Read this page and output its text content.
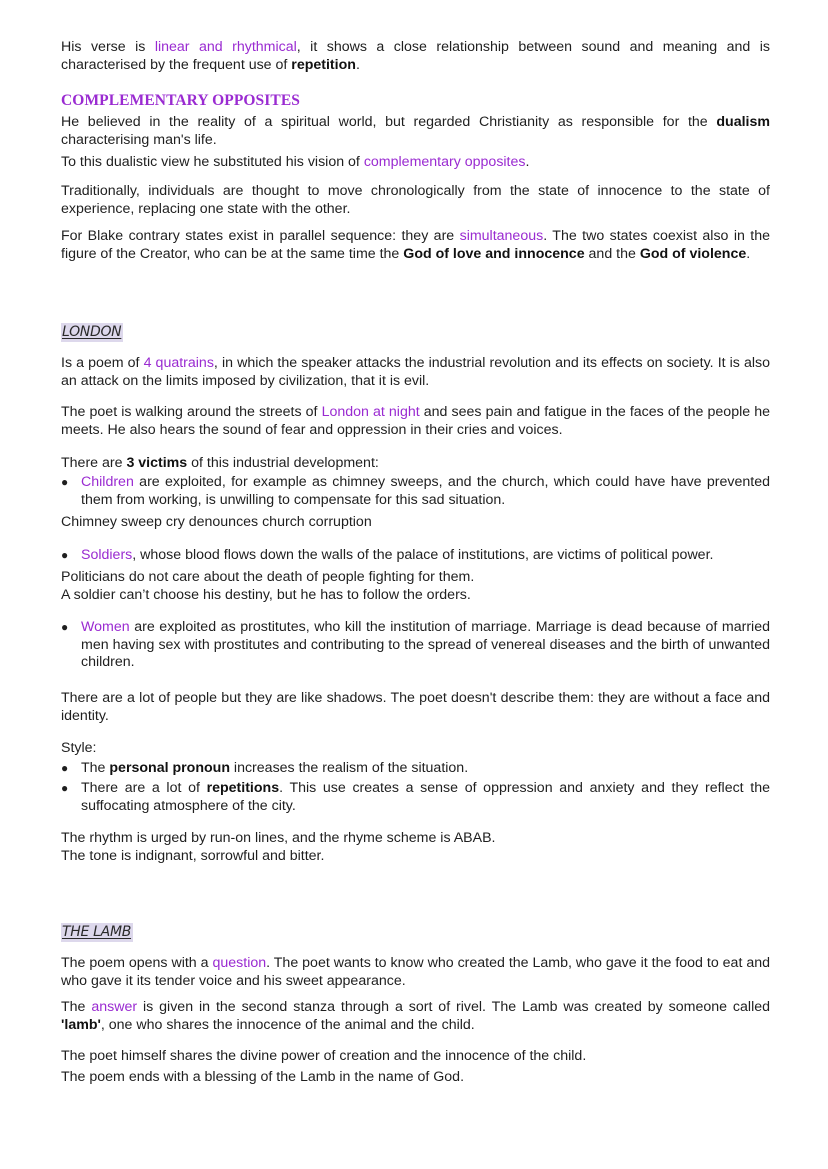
His verse is linear and rhythmical, it shows a close relationship between sound and meaning and is characterised by the frequent use of repetition.

COMPLEMENTARY OPPOSITES

He believed in the reality of a spiritual world, but regarded Christianity as responsible for the dualism characterising man's life.

To this dualistic view he substituted his vision of complementary opposites.

Traditionally, individuals are thought to move chronologically from the state of innocence to the state of experience, replacing one state with the other.

For Blake contrary states exist in parallel sequence: they are simultaneous. The two states coexist also in the figure of the Creator, who can be at the same time the God of love and innocence and the God of violence.

LONDON

Is a poem of 4 quatrains, in which the speaker attacks the industrial revolution and its effects on society. It is also an attack on the limits imposed by civilization, that it is evil.

The poet is walking around the streets of London at night and sees pain and fatigue in the faces of the people he meets. He also hears the sound of fear and oppression in their cries and voices.

There are 3 victims of this industrial development:

● Children are exploited, for example as chimney sweeps, and the church, which could have have prevented them from working, is unwilling to compensate for this sad situation.

Chimney sweep cry denounces church corruption

● Soldiers, whose blood flows down the walls of the palace of institutions, are victims of political power.

Politicians do not care about the death of people fighting for them.

A soldier can’t choose his destiny, but he has to follow the orders.

● Women are exploited as prostitutes, who kill the institution of marriage. Marriage is dead because of married men having sex with prostitutes and contributing to the spread of venereal diseases and the birth of unwanted children.

There are a lot of people but they are like shadows. The poet doesn't describe them: they are without a face and identity.

Style:

● The personal pronoun increases the realism of the situation.
● There are a lot of repetitions. This use creates a sense of oppression and anxiety and they reflect the suffocating atmosphere of the city.

The rhythm is urged by run-on lines, and the rhyme scheme is ABAB.

The tone is indignant, sorrowful and bitter.

THE LAMB

The poem opens with a question. The poet wants to know who created the Lamb, who gave it the food to eat and who gave it its tender voice and his sweet appearance.

The answer is given in the second stanza through a sort of rivel. The Lamb was created by someone called 'lamb', one who shares the innocence of the animal and the child.

The poet himself shares the divine power of creation and the innocence of the child.

The poem ends with a blessing of the Lamb in the name of God.
